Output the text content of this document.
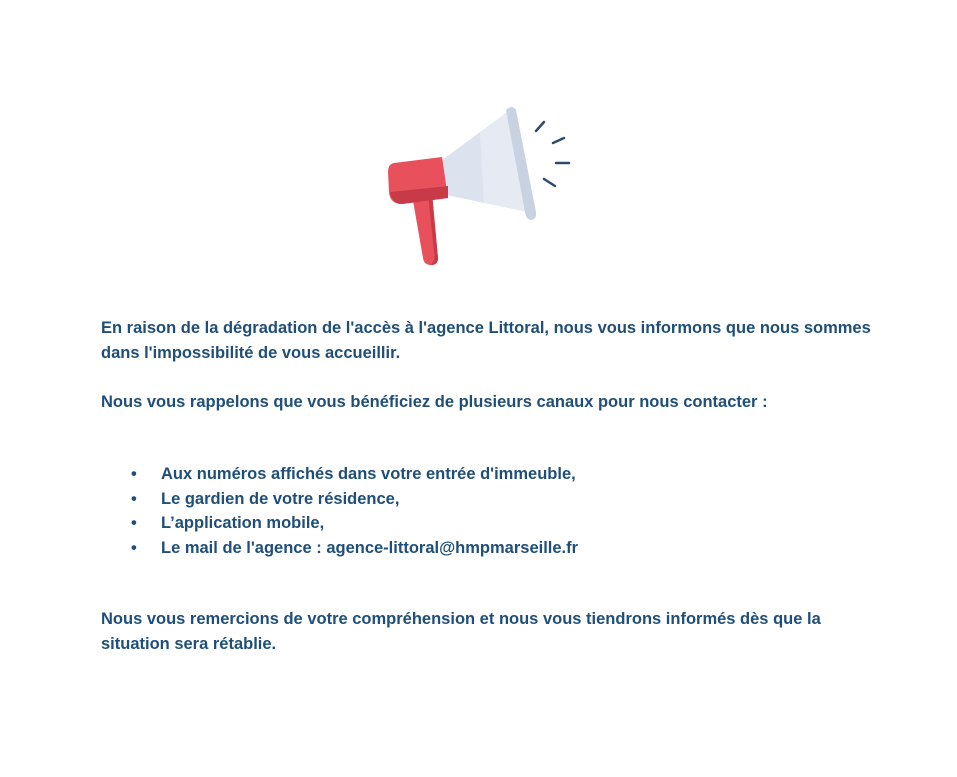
En raison de la dégradation de l'accès à l'agence Littoral, nous vous informons que nous sommes dans l'impossibilité de vous accueillir.

Nous vous rappelons que vous bénéficiez de plusieurs canaux pour nous contacter :

• Aux numéros affichés dans votre entrée d'immeuble,
• Le gardien de votre résidence,
• L’application mobile,
• Le mail de l'agence : agence-littoral@hmpmarseille.fr

Nous vous remercions de votre compréhension et nous vous tiendrons informés dès que la situation sera rétablie.
